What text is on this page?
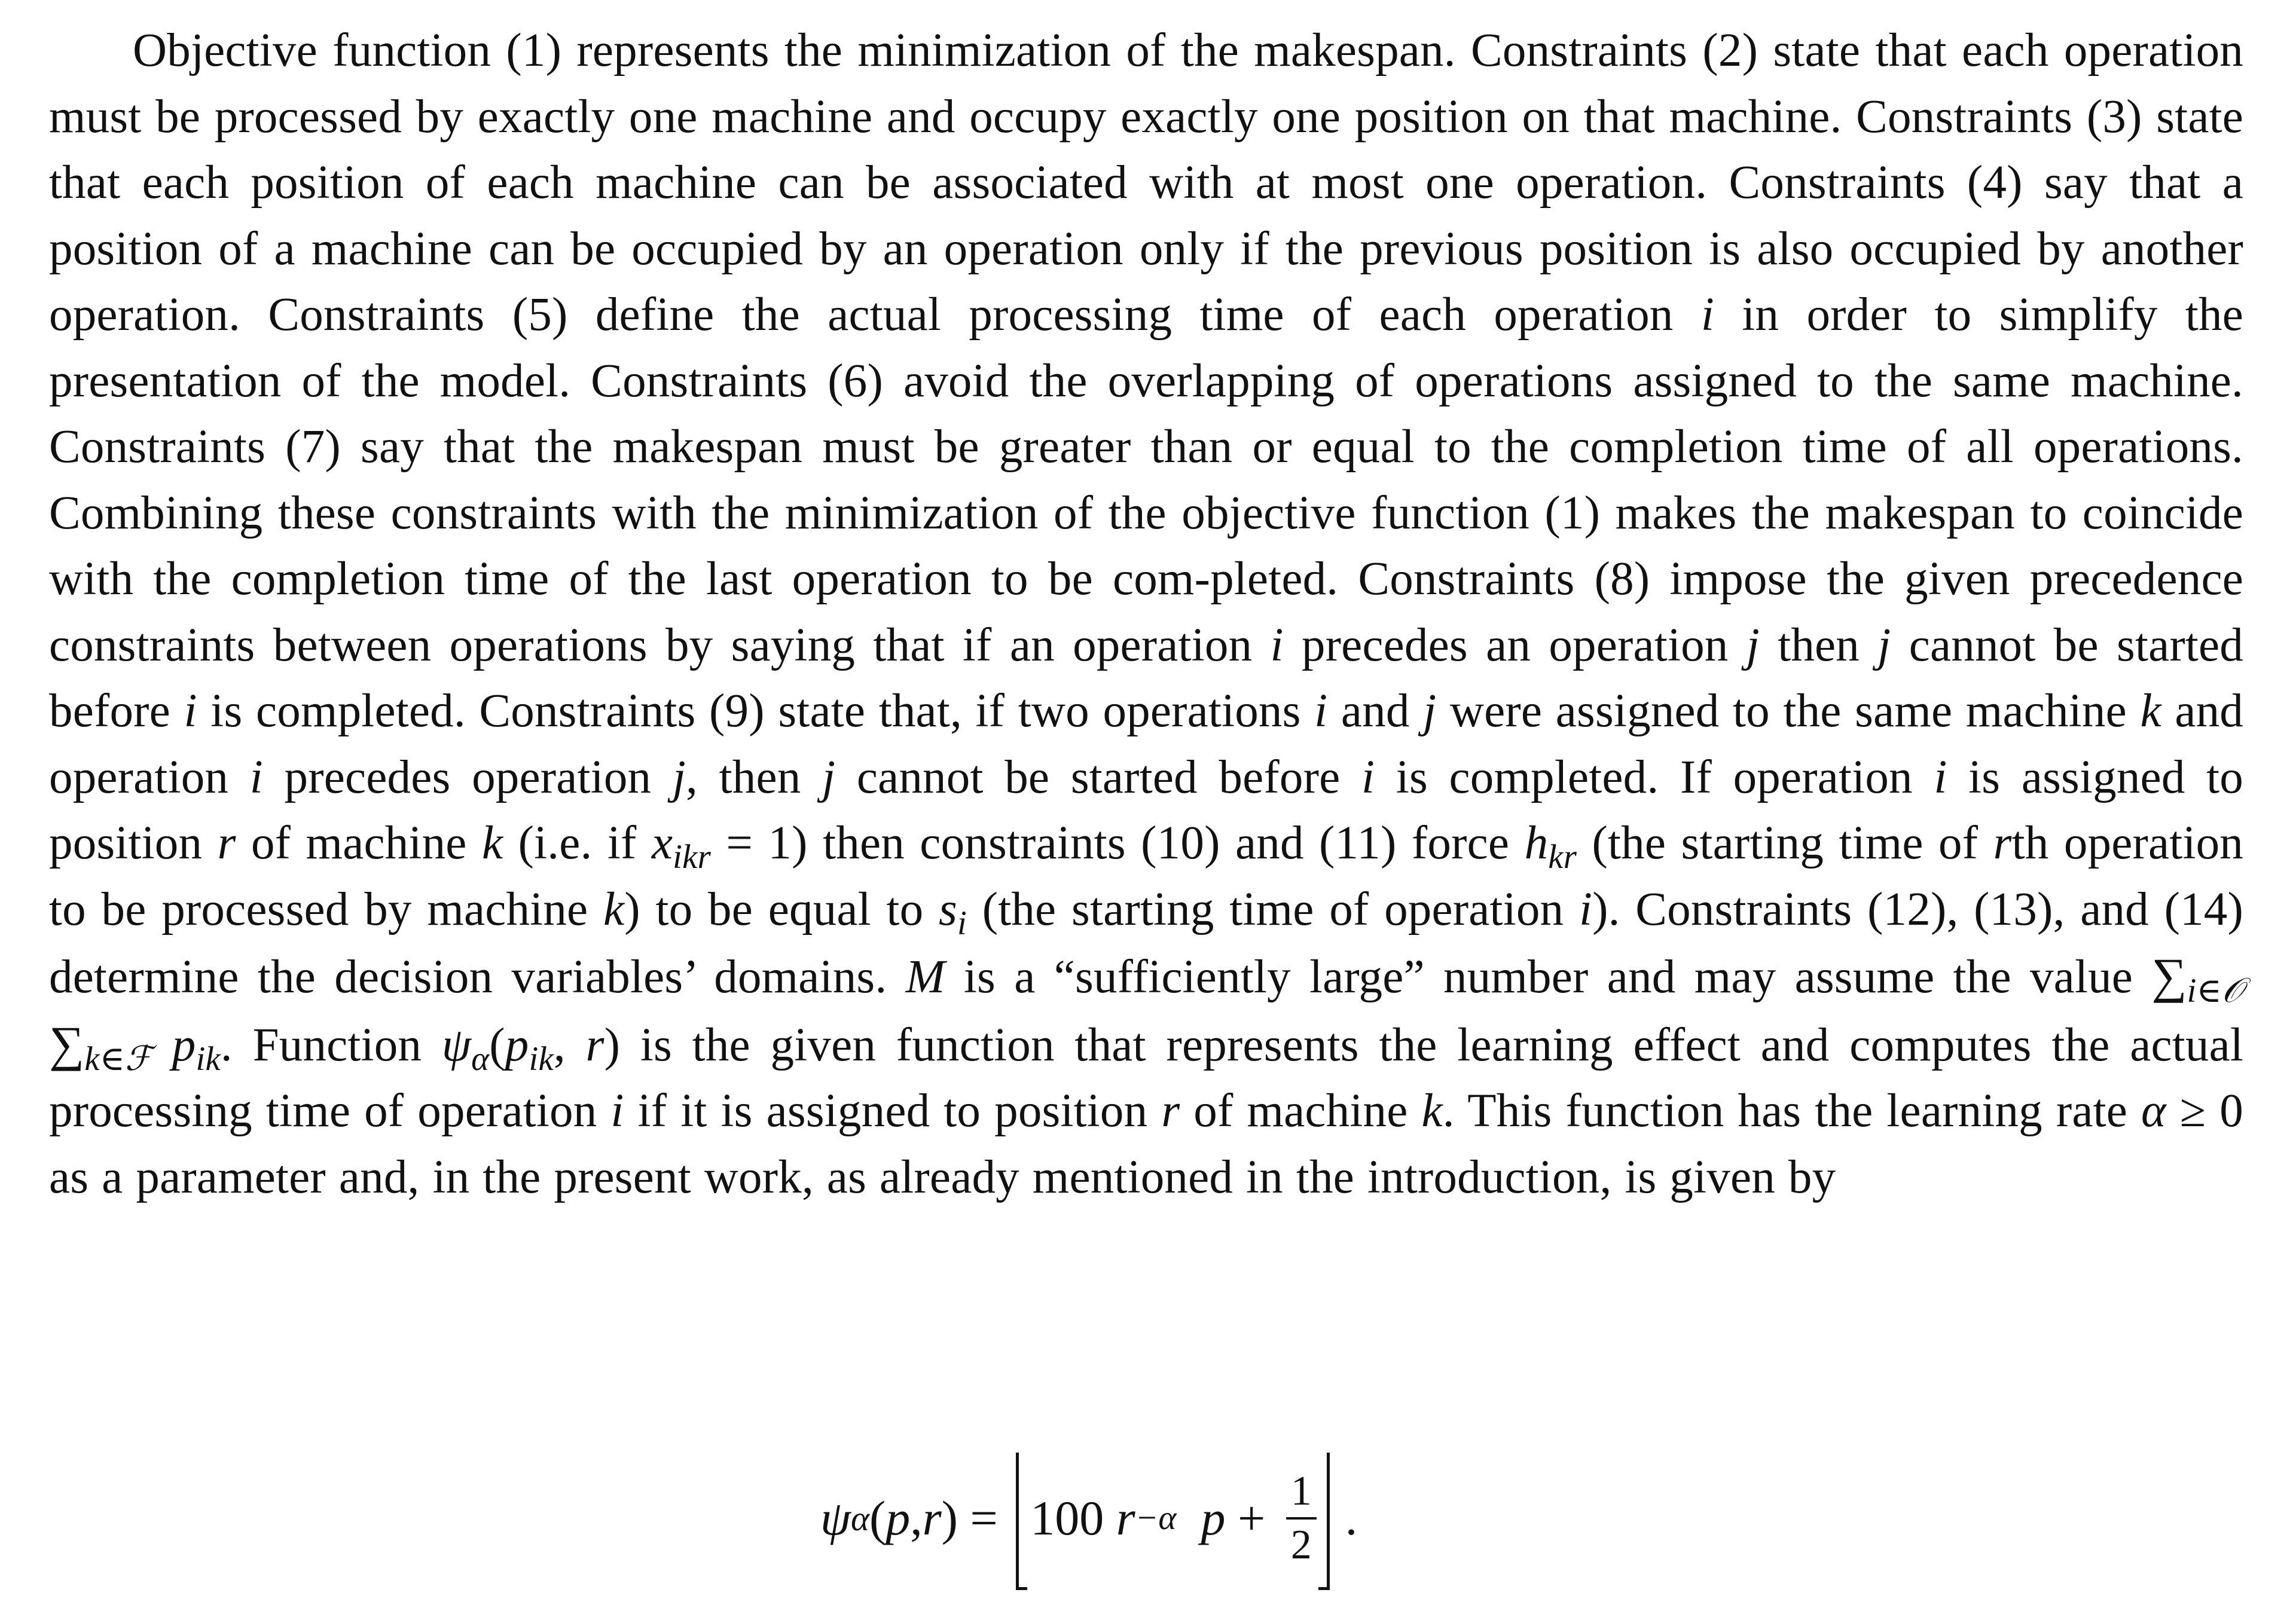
Objective function (1) represents the minimization of the makespan. Constraints (2) state that each operation must be processed by exactly one machine and occupy exactly one position on that machine. Constraints (3) state that each position of each machine can be associated with at most one operation. Constraints (4) say that a position of a machine can be occupied by an operation only if the previous position is also occupied by another operation. Constraints (5) define the actual processing time of each operation i in order to simplify the presentation of the model. Constraints (6) avoid the overlapping of operations assigned to the same machine. Constraints (7) say that the makespan must be greater than or equal to the completion time of all operations. Combining these constraints with the minimization of the objective function (1) makes the makespan to coincide with the completion time of the last operation to be com-pleted. Constraints (8) impose the given precedence constraints between operations by saying that if an operation i precedes an operation j then j cannot be started before i is completed. Constraints (9) state that, if two operations i and j were assigned to the same machine k and operation i precedes operation j, then j cannot be started before i is completed. If operation i is assigned to position r of machine k (i.e. if $x_{ikr} = 1$) then constraints (10) and (11) force $h_{kr}$ (the starting time of rth operation to be processed by machine k) to be equal to $s_i$ (the starting time of operation i). Constraints (12), (13), and (14) determine the decision variables’ domains. M is a “sufficiently large” number and may assume the value $\sum_{i\in 𝒪}$ $\sum_{k\in ℱ}$ $p_{ik}$. Function $\psi_\alpha(p_{ik}$, r) is the given function that represents the learning effect and computes the actual processing time of operation i if it is assigned to position r of machine k. This function has the learning rate α ≥ 0 as a parameter and, in the present work, as already mentioned in the introduction, is given by

ψ α ( p , r ) = 100
r −α
$p + \frac{1}{2}$ .
